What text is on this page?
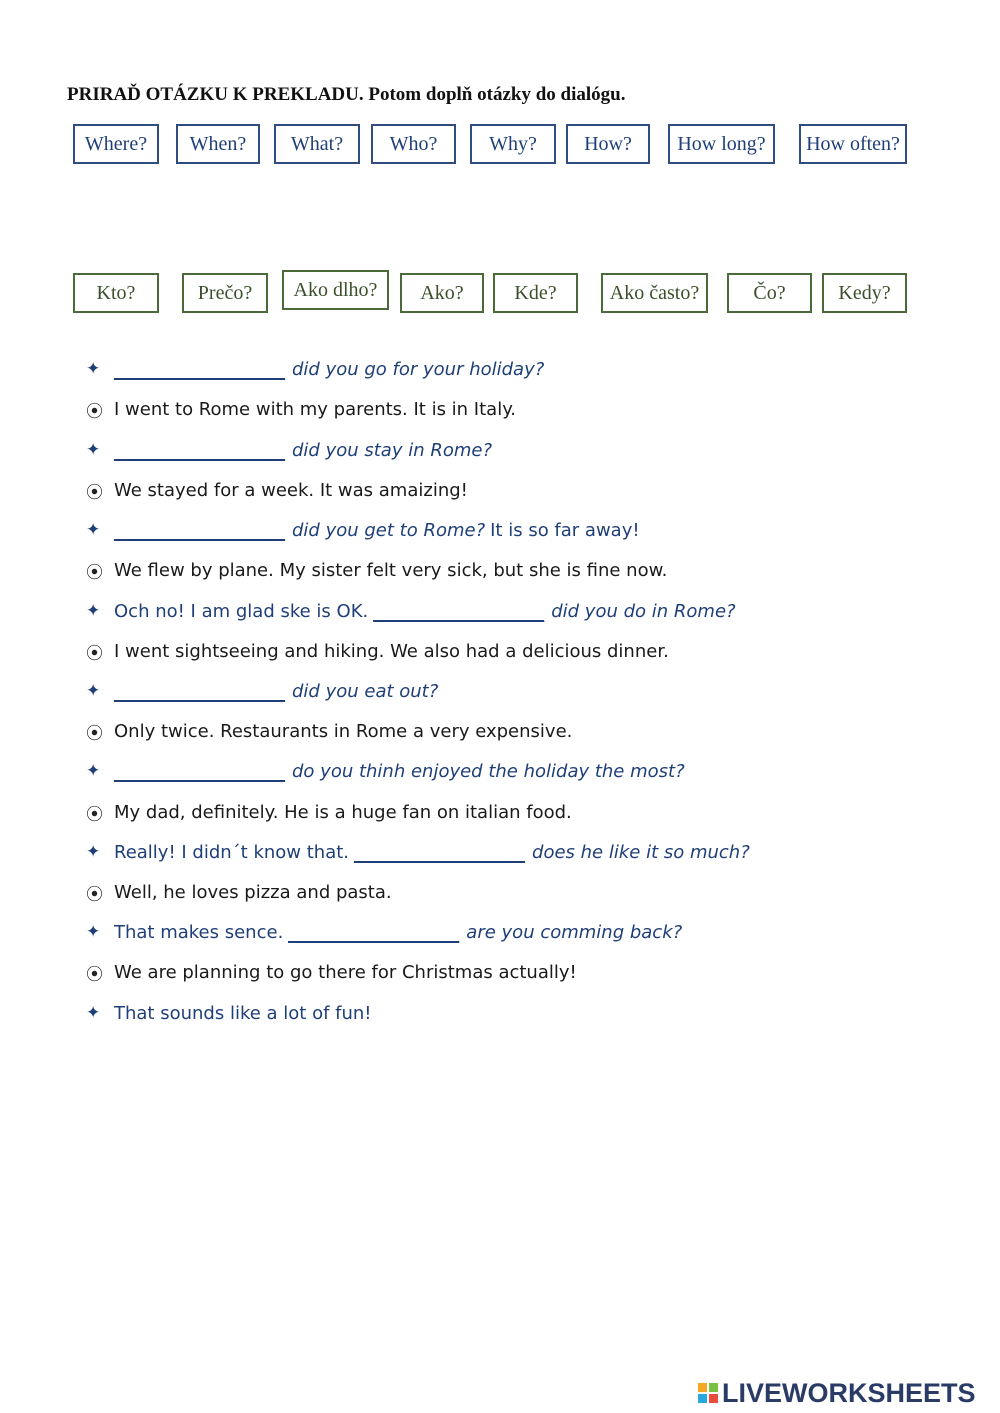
PRIRAĎ OTÁZKU K PREKLADU. Potom doplň otázky do dialógu.
Where?	When?	What?	Who?	Why?	How?	How long?	How often?
Kto?	Prečo?	Ako dlho?	Ako?	Kde?	Ako často?	Čo?	Kedy?
✦ ___________________ did you go for your holiday?
⦿ I went to Rome with my parents. It is in Italy.
✦ ___________________ did you stay in Rome?
⦿ We stayed for a week. It was amaizing!
✦ ___________________ did you get to Rome? It is so far away!
⦿ We flew by plane. My sister felt very sick, but she is fine now.
✦ Och no! I am glad ske is OK. ___________________ did you do in Rome?
⦿ I went sightseeing and hiking. We also had a delicious dinner.
✦ ___________________ did you eat out?
⦿ Only twice. Restaurants in Rome a very expensive.
✦ ___________________ do you thinh enjoyed the holiday the most?
⦿ My dad, definitely. He is a huge fan on italian food.
✦ Really! I didn´t know that. ___________________ does he like it so much?
⦿ Well, he loves pizza and pasta.
✦ That makes sence. ___________________ are you comming back?
⦿ We are planning to go there for Christmas actually!
✦ That sounds like a lot of fun!
LIVEWORKSHEETS
